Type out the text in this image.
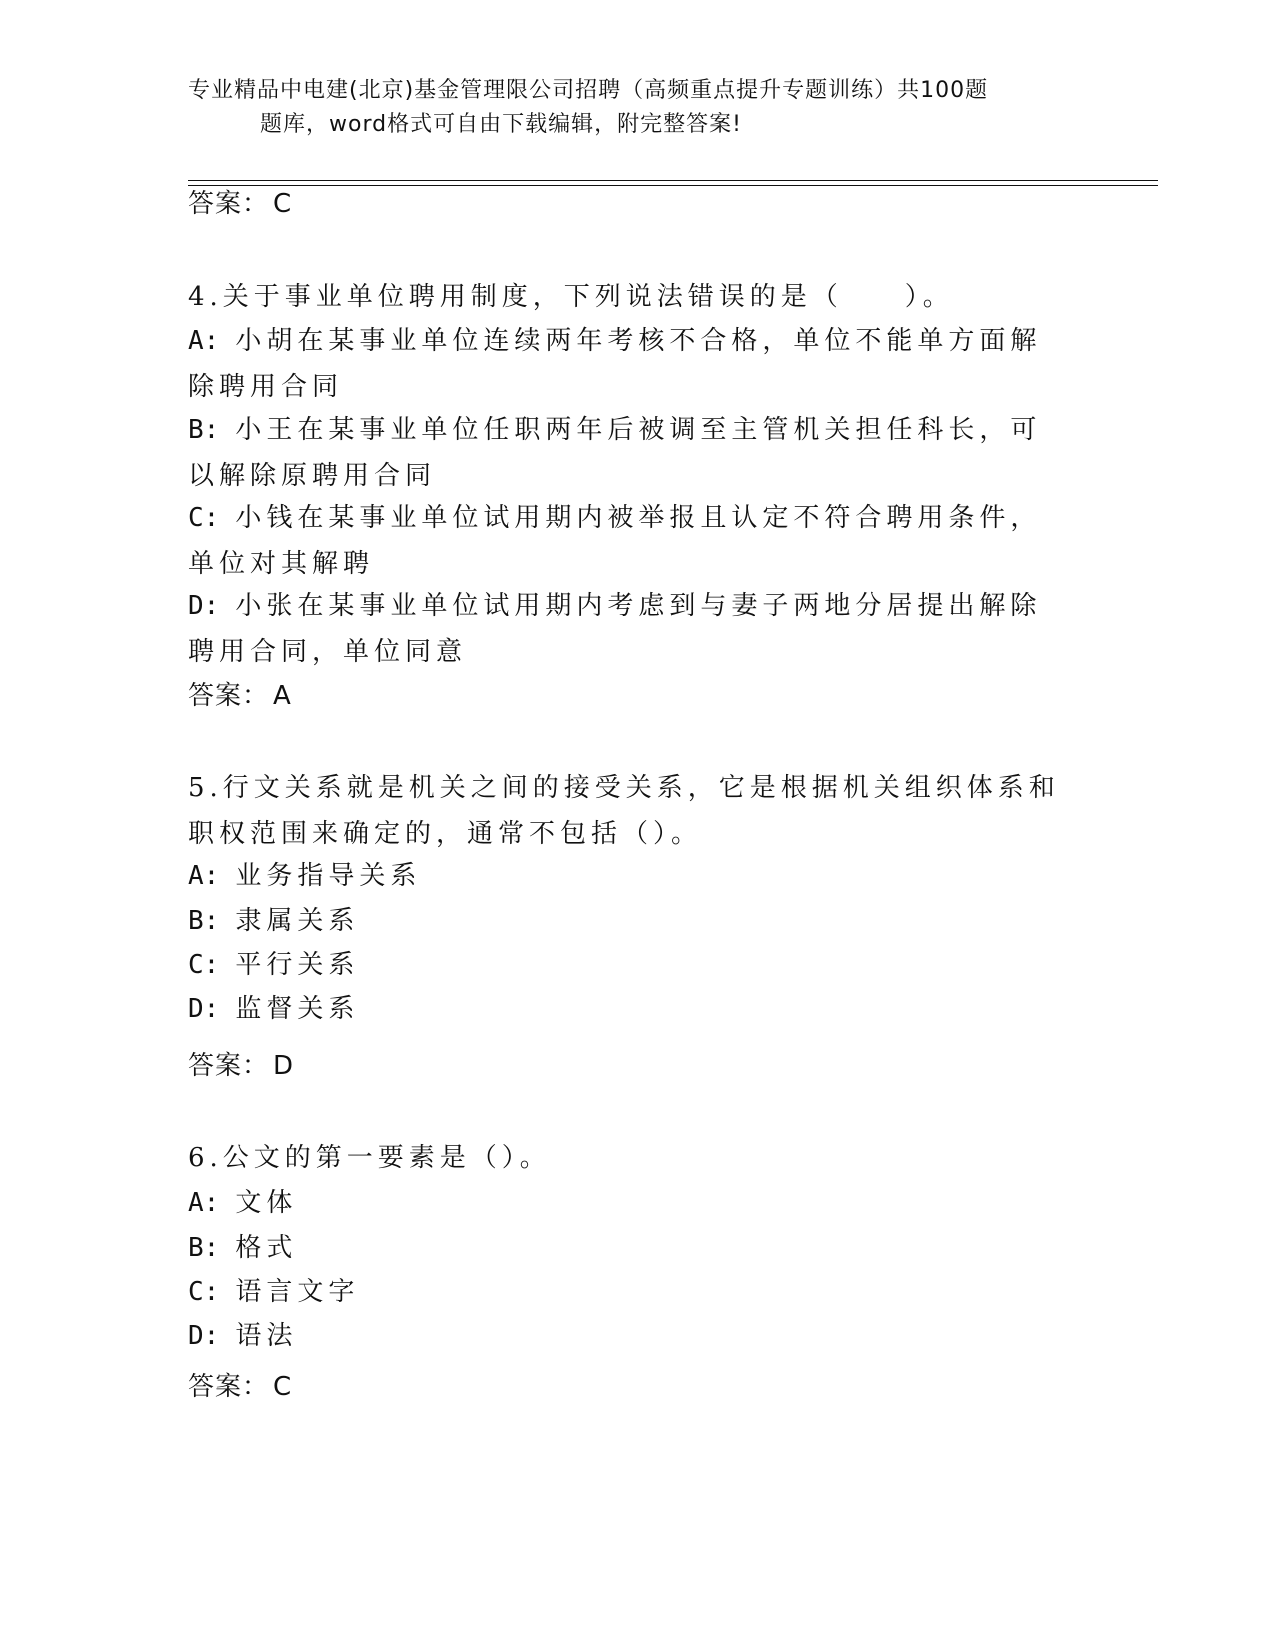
专业精品中电建(北京)基金管理限公司招聘（高频重点提升专题训练）共100题
题库，word格式可自由下载编辑，附完整答案!
答案： C
4.关于事业单位聘用制度，下列说法错误的是（　　）。
A: 小胡在某事业单位连续两年考核不合格，单位不能单方面解除聘用合同
B: 小王在某事业单位任职两年后被调至主管机关担任科长，可以解除原聘用合同
C: 小钱在某事业单位试用期内被举报且认定不符合聘用条件，单位对其解聘
D: 小张在某事业单位试用期内考虑到与妻子两地分居提出解除聘用合同，单位同意
答案： A
5.行文关系就是机关之间的接受关系，它是根据机关组织体系和职权范围来确定的，通常不包括（）。
A: 业务指导关系
B: 隶属关系
C: 平行关系
D: 监督关系
答案： D
6.公文的第一要素是（）。
A: 文体
B: 格式
C: 语言文字
D: 语法
答案： C
